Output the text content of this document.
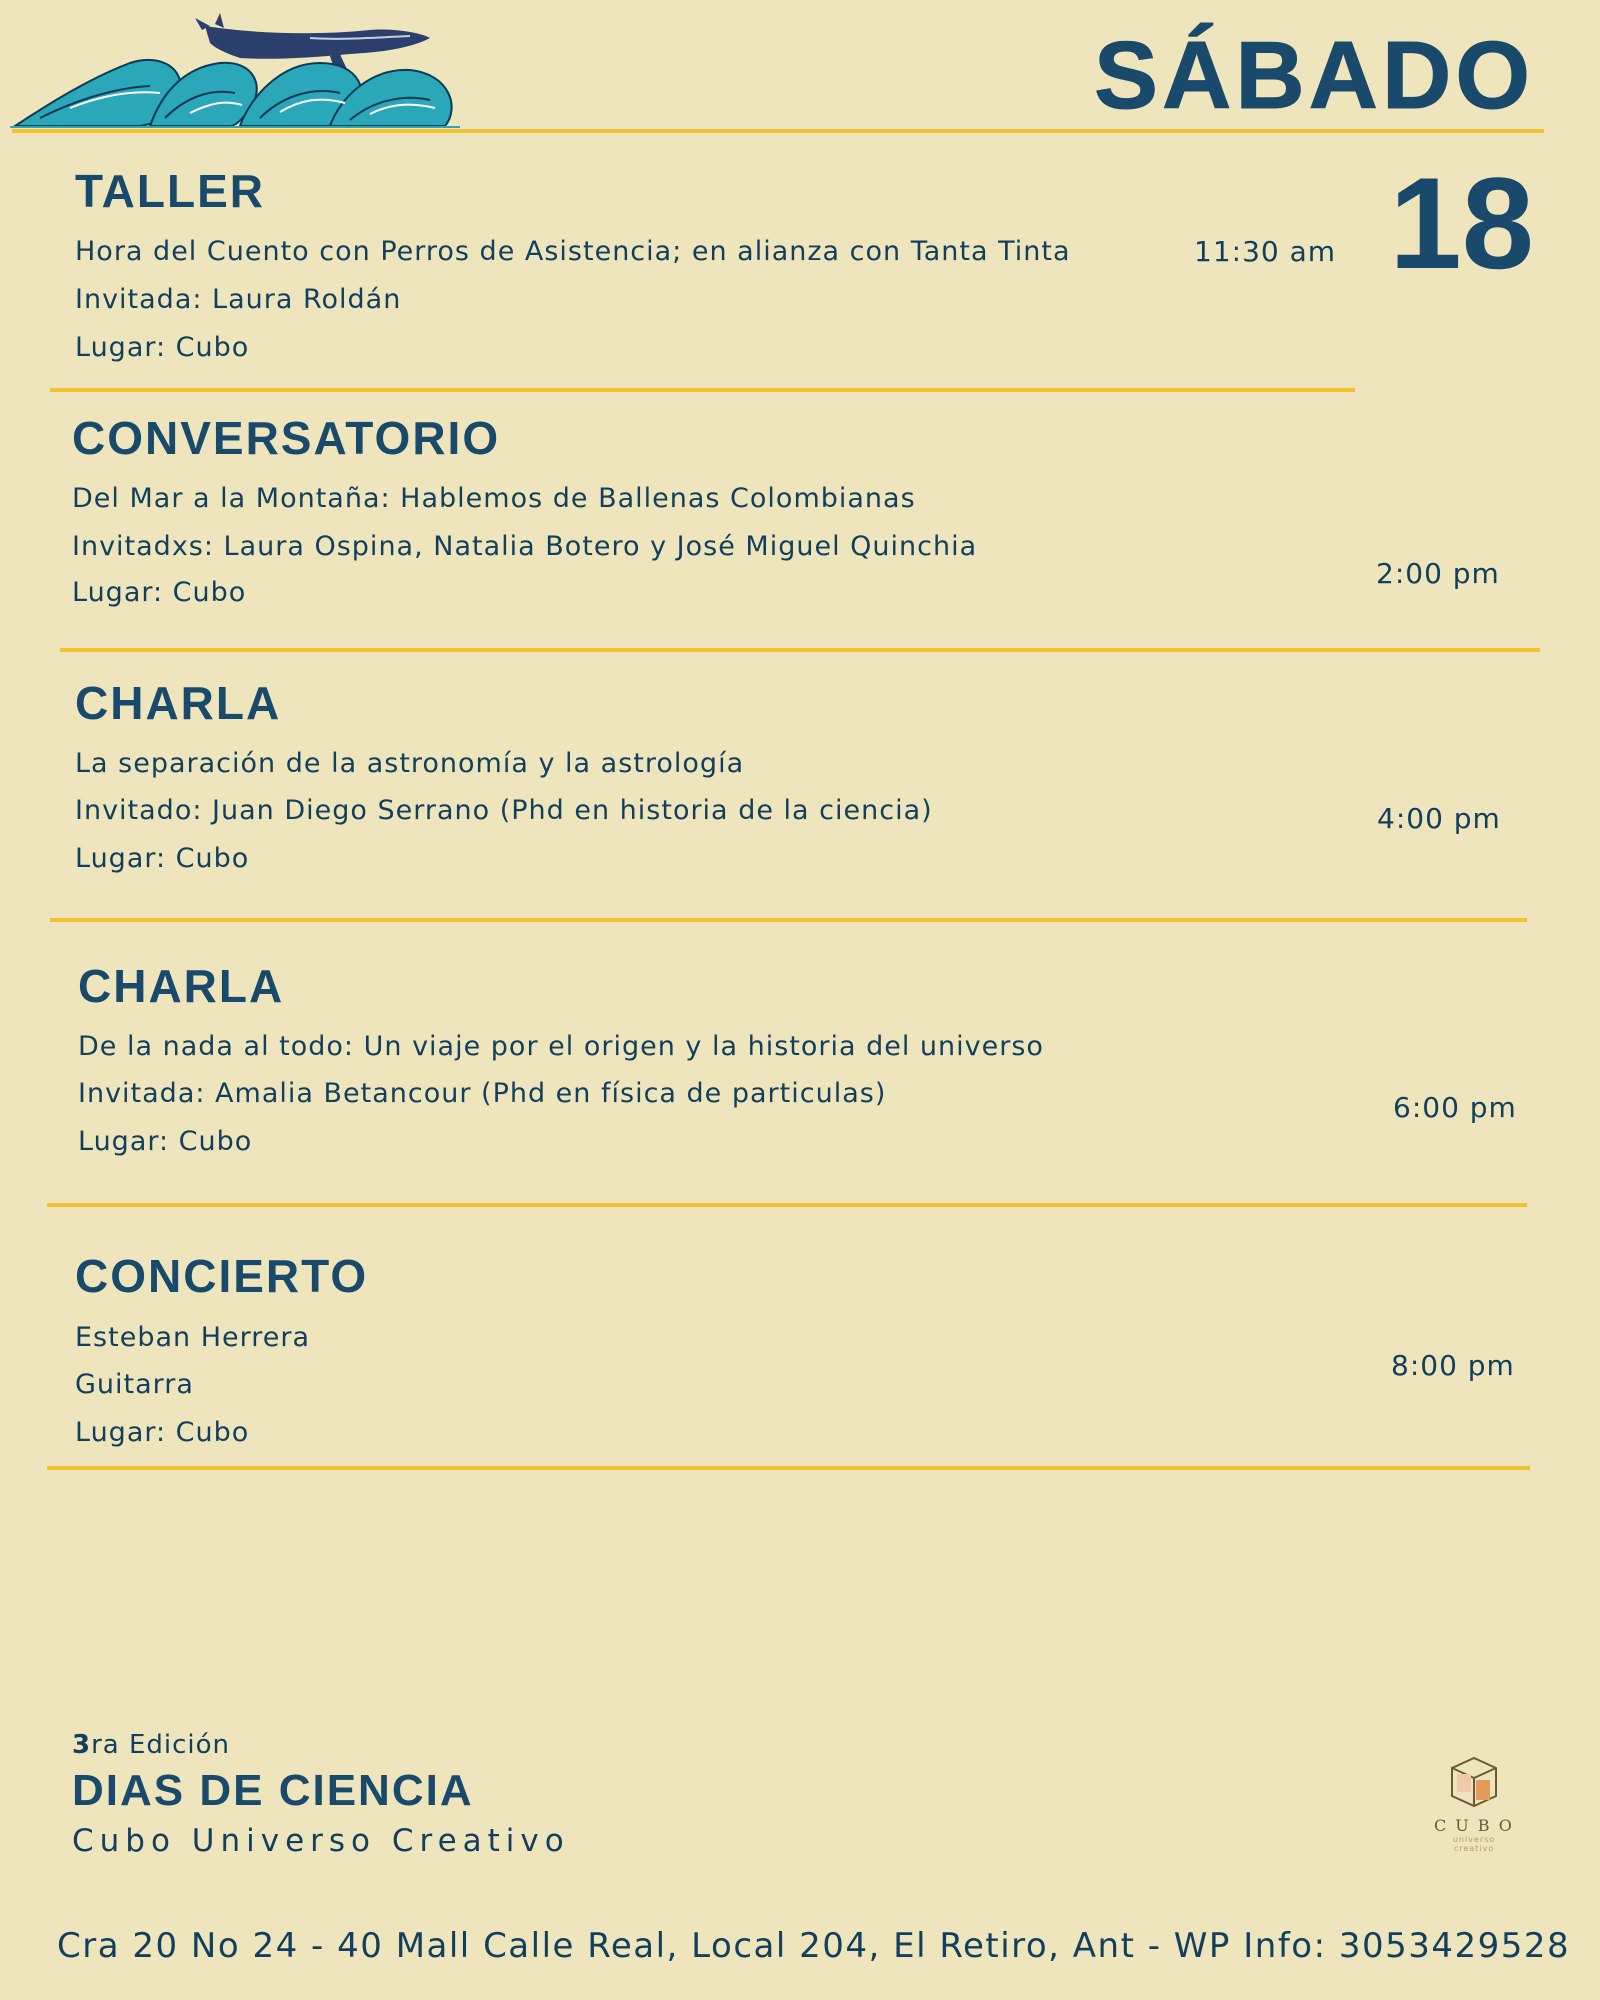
SÁBADO
18
TALLER
Hora del Cuento con Perros de Asistencia; en alianza con Tanta Tinta
Invitada: Laura Roldán
Lugar: Cubo
11:30 am
CONVERSATORIO
Del Mar a la Montaña: Hablemos de Ballenas Colombianas
Invitadxs: Laura Ospina, Natalia Botero y José Miguel Quinchia
Lugar: Cubo
2:00 pm
CHARLA
La separación de la astronomía y la astrología
Invitado: Juan Diego Serrano (Phd en historia de la ciencia)
Lugar: Cubo
4:00 pm
CHARLA
De la nada al todo: Un viaje por el origen y la historia del universo
Invitada: Amalia Betancour (Phd en física de particulas)
Lugar: Cubo
6:00 pm
CONCIERTO
Esteban Herrera
Guitarra
Lugar: Cubo
8:00 pm
3ra Edición
DIAS DE CIENCIA
Cubo Universo Creativo	CUBO
universo creativo
Cra 20 No 24 - 40 Mall Calle Real, Local 204, El Retiro, Ant - WP Info: 3053429528
